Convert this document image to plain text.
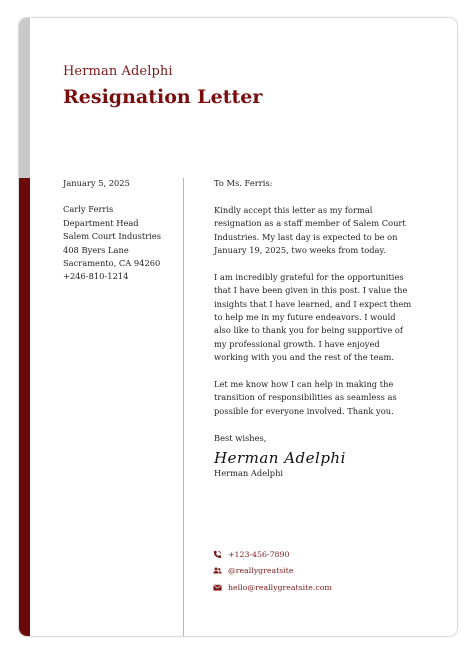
Herman Adelphi
Resignation Letter
January 5, 2025
Carly Ferris
Department Head
Salem Court Industries
408 Byers Lane
Sacramento, CA 94260
+246-810-1214

To Ms. Ferris:

Kindly accept this letter as my formal resignation as a staff member of Salem Court Industries. My last day is expected to be on January 19, 2025, two weeks from today.

I am incredibly grateful for the opportunities that I have been given in this post. I value the insights that I have learned, and I expect them to help me in my future endeavors. I would also like to thank you for being supportive of my professional growth. I have enjoyed working with you and the rest of the team.

Let me know how I can help in making the transition of responsibilities as seamless as possible for everyone involved. Thank you.

Best wishes,

Herman Adelphi
Herman Adelphi
+123-456-7890
@reallygreatsite
hello@reallygreatsite.com
